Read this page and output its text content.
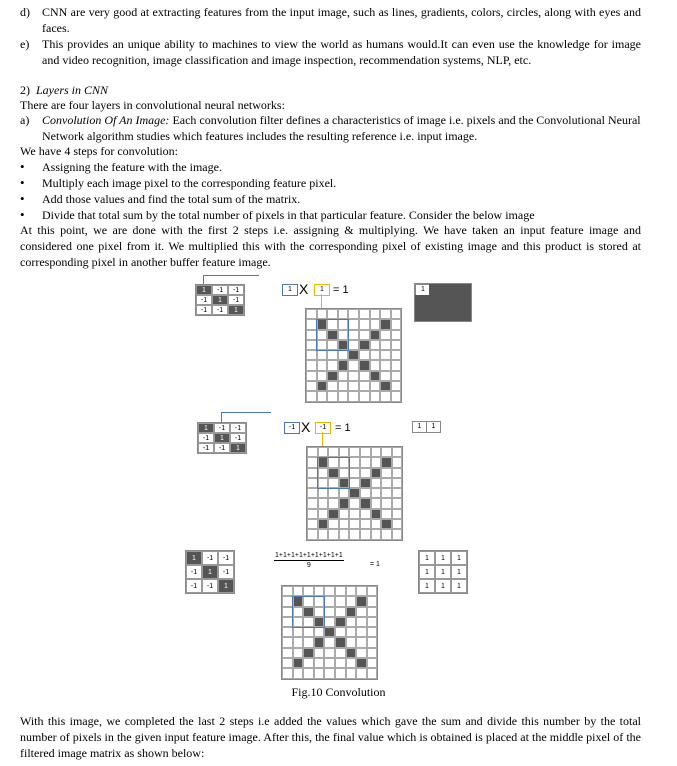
d) CNN are very good at extracting features from the input image, such as lines, gradients, colors, circles, along with eyes and faces.
e) This provides an unique ability to machines to view the world as humans would.It can even use the knowledge for image and video recognition, image classification and image inspection, recommendation systems, NLP, etc.
2) Layers in CNN
There are four layers in convolutional neural networks:
a) Convolution Of An Image: Each convolution filter defines a characteristics of image i.e. pixels and the Convolutional Neural Network algorithm studies which features includes the resulting reference i.e. input image.
We have 4 steps for convolution:
• Assigning the feature with the image.
• Multiply each image pixel to the corresponding feature pixel.
• Add those values and find the total sum of the matrix.
• Divide that total sum by the total number of pixels in that particular feature. Consider the below image
At this point, we are done with the first 2 steps i.e. assigning & multiplying. We have taken an input feature image and considered one pixel from it. We multiplied this with the corresponding pixel of existing image and this product is stored at corresponding pixel in another buffer feature image.
1	-1	-1
-1	1	-1
-1	-1	1
1 X	1 = 1	1
1	-1	-1
-1	1	-1
-1	-1	1
-1 X	-1 = 1	1	1
1	-1	-1
-1	1	-1
-1	-1	1
$\frac{1+1+1+1+1+1+1+1+1}{9}$	= 1
1	1	1
1	1	1
1	1	1
Fig.10 Convolution
With this image, we completed the last 2 steps i.e added the values which gave the sum and divide this number by the total number of pixels in the given input feature image. After this, the final value which is obtained is placed at the middle pixel of the filtered image matrix as shown below:
